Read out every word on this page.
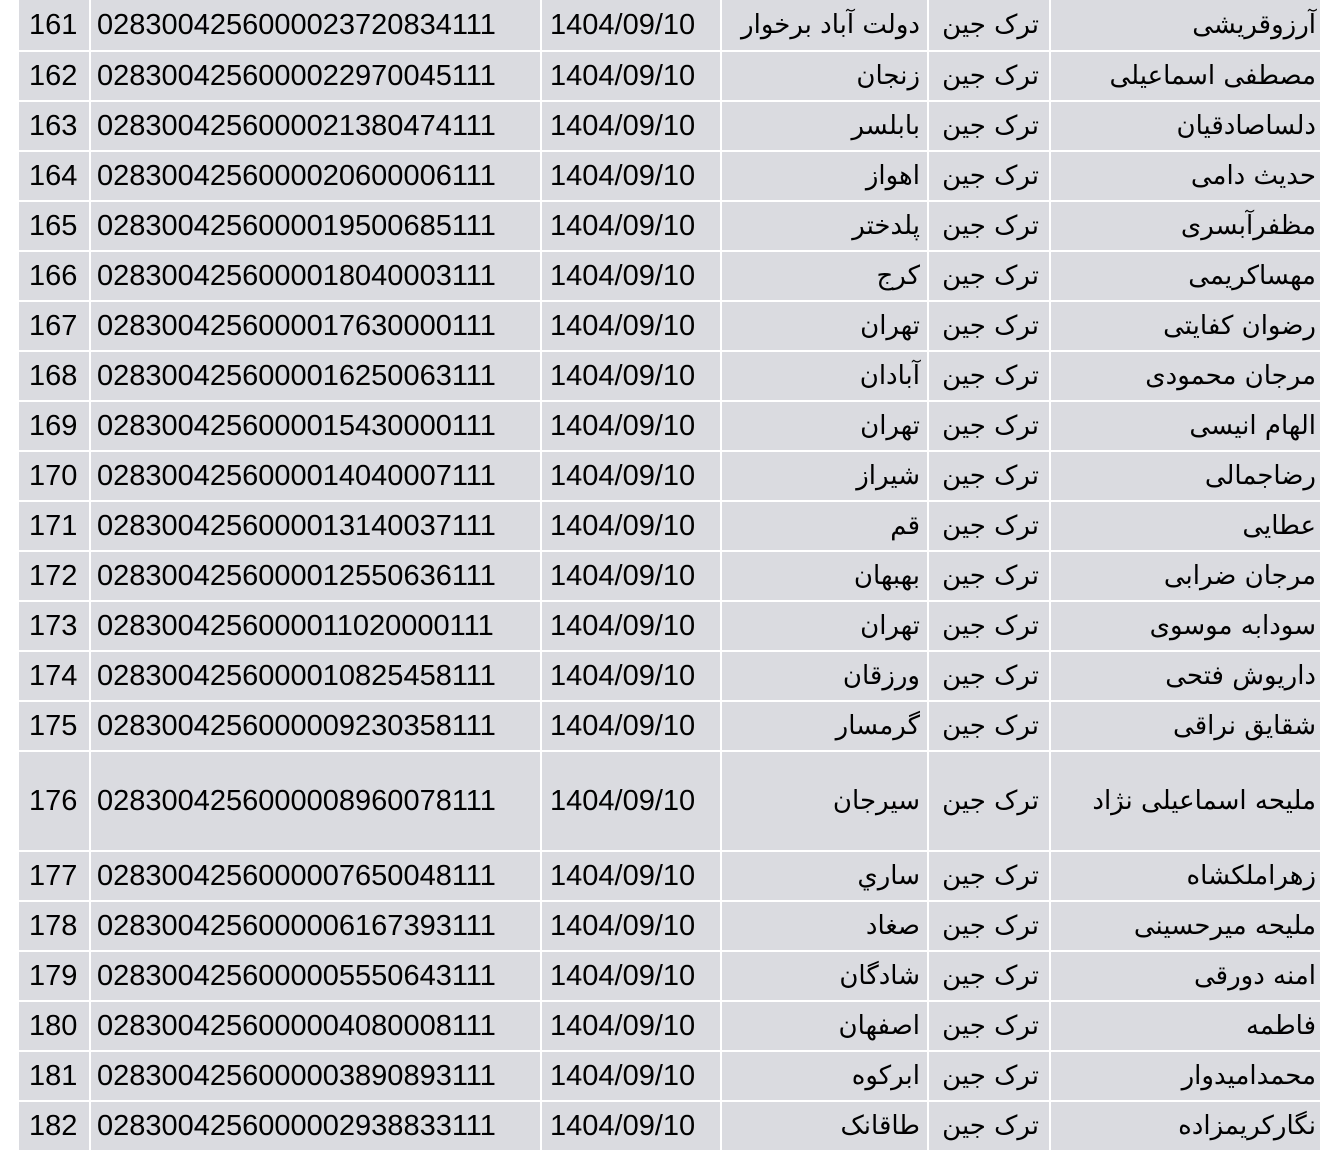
161	0283004256000023720834111	1404/09/10	دولت آباد برخوار	ترک جین	آرزوقریشی
162	0283004256000022970045111	1404/09/10	زنجان	ترک جین	مصطفی اسماعیلی
163	0283004256000021380474111	1404/09/10	بابلسر	ترک جین	دلساصادقیان
164	0283004256000020600006111	1404/09/10	اهواز	ترک جین	حدیث دامی
165	0283004256000019500685111	1404/09/10	پلدختر	ترک جین	مظفرآبسری
166	0283004256000018040003111	1404/09/10	کرج	ترک جین	مهساکریمی
167	0283004256000017630000111	1404/09/10	تهران	ترک جین	رضوان کفایتی
168	0283004256000016250063111	1404/09/10	آبادان	ترک جین	مرجان محمودی
169	0283004256000015430000111	1404/09/10	تهران	ترک جین	الهام انیسی
170	0283004256000014040007111	1404/09/10	شیراز	ترک جین	رضاجمالی
171	0283004256000013140037111	1404/09/10	قم	ترک جین	عطایی
172	0283004256000012550636111	1404/09/10	بهبهان	ترک جین	مرجان ضرابی
173	0283004256000011020000111	1404/09/10	تهران	ترک جین	سودابه موسوی
174	0283004256000010825458111	1404/09/10	ورزقان	ترک جین	داریوش فتحی
175	0283004256000009230358111	1404/09/10	گرمسار	ترک جین	شقایق نراقی
176	0283004256000008960078111	1404/09/10	سیرجان	ترک جین	ملیحه اسماعیلی نژاد

177	0283004256000007650048111	1404/09/10	ساري	ترک جین	زهراملکشاه
178	0283004256000006167393111	1404/09/10	صغاد	ترک جین	ملیحه میرحسینی
179	0283004256000005550643111	1404/09/10	شادگان	ترک جین	امنه دورقی
180	0283004256000004080008111	1404/09/10	اصفهان	ترک جین	فاطمه
181	0283004256000003890893111	1404/09/10	ابرکوه	ترک جین	محمدامیدوار
182	0283004256000002938833111	1404/09/10	طاقانک	ترک جین	نگارکریمزاده
